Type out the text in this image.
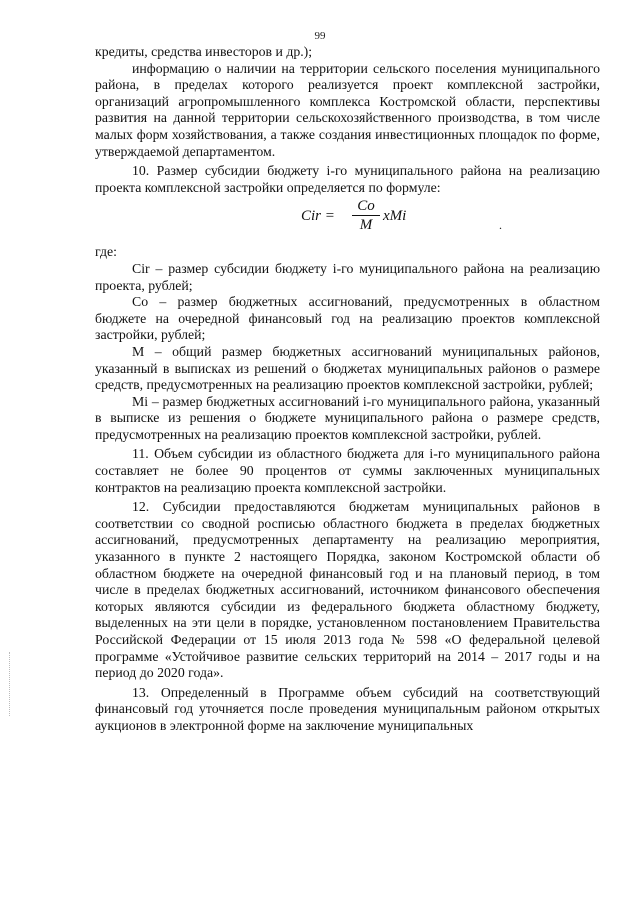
99

кредиты, средства инвесторов и др.);

информацию о наличии на территории сельского поселения муниципального района, в пределах которого реализуется проект комплексной застройки, организаций агропромышленного комплекса Костромской области, перспективы развития на данной территории сельскохозяйственного производства, в том числе малых форм хозяйствования, а также создания инвестиционных площадок по форме, утверждаемой департаментом.

10. Размер субсидии бюджету i-го муниципального района на реализацию проекта комплексной застройки определяется по формуле:

Cir =
Co
M
xMi
.

где:

Cir – размер субсидии бюджету i-го муниципального района на реализацию проекта, рублей;

Co – размер бюджетных ассигнований, предусмотренных в областном бюджете на очередной финансовый год на реализацию проектов комплексной застройки, рублей;

M – общий размер бюджетных ассигнований муниципальных районов, указанный в выписках из решений о бюджетах муниципальных районов о размере средств, предусмотренных на реализацию проектов комплексной застройки, рублей;

Mi – размер бюджетных ассигнований i-го муниципального района, указанный в выписке из решения о бюджете муниципального района о размере средств, предусмотренных на реализацию проектов комплексной застройки, рублей.

11. Объем субсидии из областного бюджета для i-го муниципального района составляет не более 90 процентов от суммы заключенных муниципальных контрактов на реализацию проекта комплексной застройки.

12. Субсидии предоставляются бюджетам муниципальных районов в соответствии со сводной росписью областного бюджета в пределах бюджетных ассигнований, предусмотренных департаменту на реализацию мероприятия, указанного в пункте 2 настоящего Порядка, законом Костромской области об областном бюджете на очередной финансовый год и на плановый период, в том числе в пределах бюджетных ассигнований, источником финансового обеспечения которых являются субсидии из федерального бюджета областному бюджету, выделенных на эти цели в порядке, установленном постановлением Правительства Российской Федерации от 15 июля 2013 года № 598 «О федеральной целевой программе «Устойчивое развитие сельских территорий на 2014 – 2017 годы и на период до 2020 года».

13. Определенный в Программе объем субсидий на соответствующий финансовый год уточняется после проведения муниципальным районом открытых аукционов в электронной форме на заключение муниципальных
